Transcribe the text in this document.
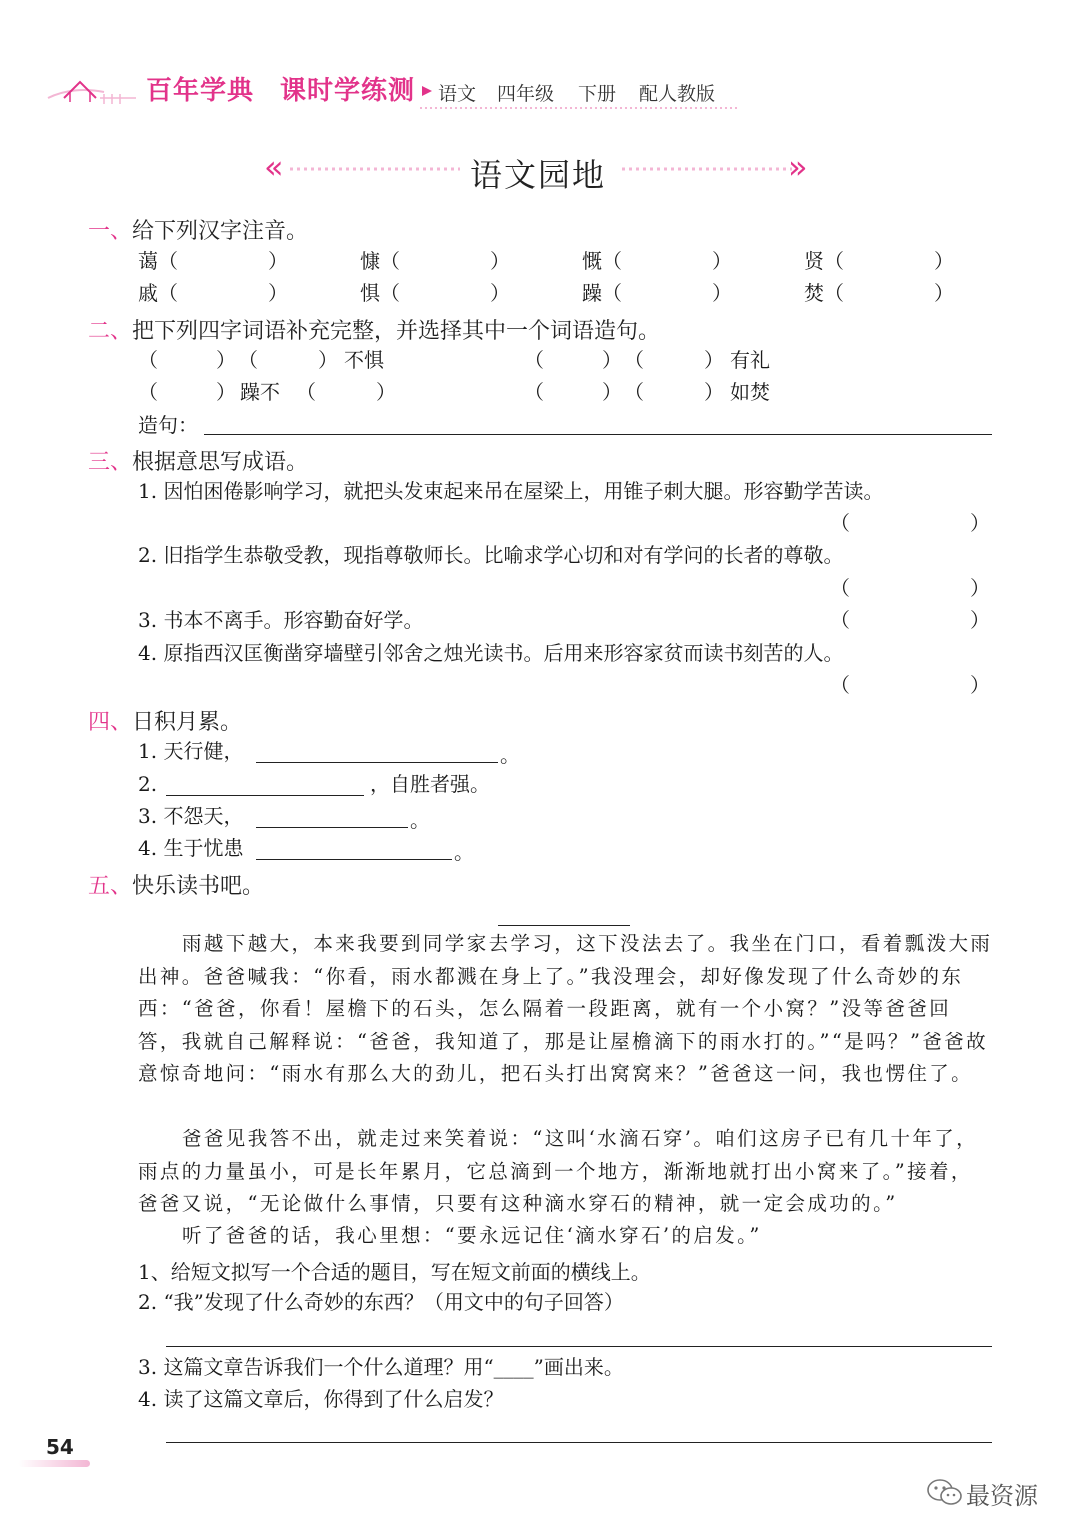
百年学典 课时学练测 语文 四年级 下册 配人教版
«	语文园地	»
一、给下列汉字注音。
蔼（	）	慷（	）	慨（	）	贤（	）
戚（	）	惧（	）	躁（	）	焚（	）
二、把下列四字词语补充完整，并选择其中一个词语造句。
（	） （	） 不惧	（	） （	） 有礼
（	） 躁不 （	）	（	） （	） 如焚
造句：
三、根据意思写成语。
1. 因怕困倦影响学习，就把头发束起来吊在屋梁上，用锥子刺大腿。形容勤学苦读。
（	）
2. 旧指学生恭敬受教，现指尊敬师长。比喻求学心切和对有学问的长者的尊敬。
（	）
3. 书本不离手。形容勤奋好学。	（	）
4. 原指西汉匡衡凿穿墙壁引邻舍之烛光读书。后用来形容家贫而读书刻苦的人。
（	）
四、日积月累。
1. 天行健，	。
2.	，自胜者强。
3. 不怨天，	。
4. 生于忧患	。
五、快乐读书吧。
雨越下越大，本来我要到同学家去学习，这下没法去了。我坐在门口，看着瓢泼大雨出神。爸爸喊我：“你看，雨水都溅在身上了。”我没理会，却好像发现了什么奇妙的东西：“爸爸，你看！屋檐下的石头，怎么隔着一段距离，就有一个小窝？”没等爸爸回答，我就自己解释说：“爸爸，我知道了，那是让屋檐滴下的雨水打的。”“是吗？”爸爸故意惊奇地问：“雨水有那么大的劲儿，把石头打出窝窝来？”爸爸这一问，我也愣住了。
爸爸见我答不出，就走过来笑着说：“这叫‘水滴石穿’。咱们这房子已有几十年了，雨点的力量虽小，可是长年累月，它总滴到一个地方，渐渐地就打出小窝来了。”接着，爸爸又说，“无论做什么事情，只要有这种滴水穿石的精神，就一定会成功的。”
听了爸爸的话，我心里想：“要永远记住‘滴水穿石’的启发。”
1、给短文拟写一个合适的题目，写在短文前面的横线上。
2. “我”发现了什么奇妙的东西？（用文中的句子回答）
3. 这篇文章告诉我们一个什么道理？用“____”画出来。
4. 读了这篇文章后，你得到了什么启发？
54
最资源
